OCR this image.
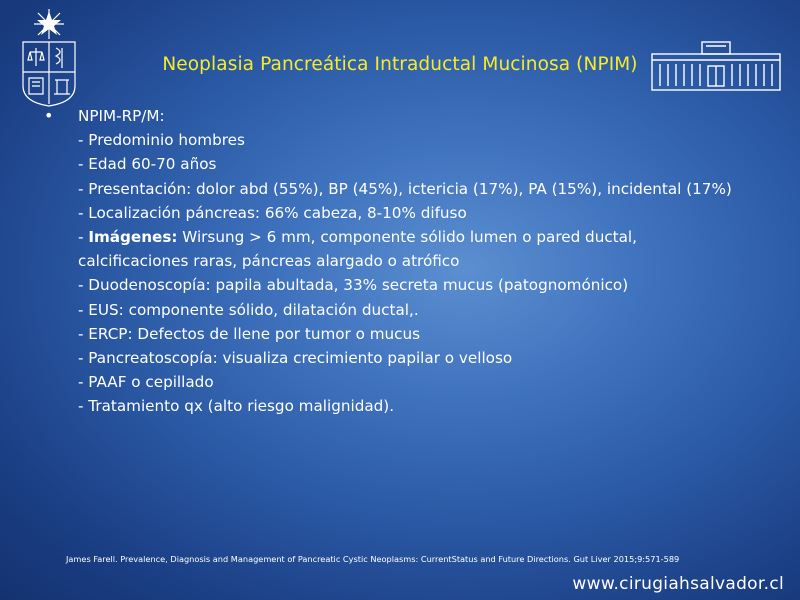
Neoplasia Pancreática Intraductal Mucinosa (NPIM)
• NPIM-RP/M:
- Predominio hombres
- Edad 60-70 años
- Presentación: dolor abd (55%), BP (45%), ictericia (17%), PA (15%), incidental (17%)
- Localización páncreas: 66% cabeza, 8-10% difuso
- Imágenes: Wirsung > 6 mm, componente sólido lumen o pared ductal, calcificaciones raras, páncreas alargado o atrófico
- Duodenoscopía: papila abultada, 33% secreta mucus (patognomónico)
- EUS: componente sólido, dilatación ductal,.
- ERCP: Defectos de llene por tumor o mucus
- Pancreatoscopía: visualiza crecimiento papilar o velloso
- PAAF o cepillado
- Tratamiento qx (alto riesgo malignidad).
James Farell. Prevalence, Diagnosis and Management of Pancreatic Cystic Neoplasms: CurrentStatus and Future Directions. Gut Liver 2015;9:571-589
www.cirugiahsalvador.cl
